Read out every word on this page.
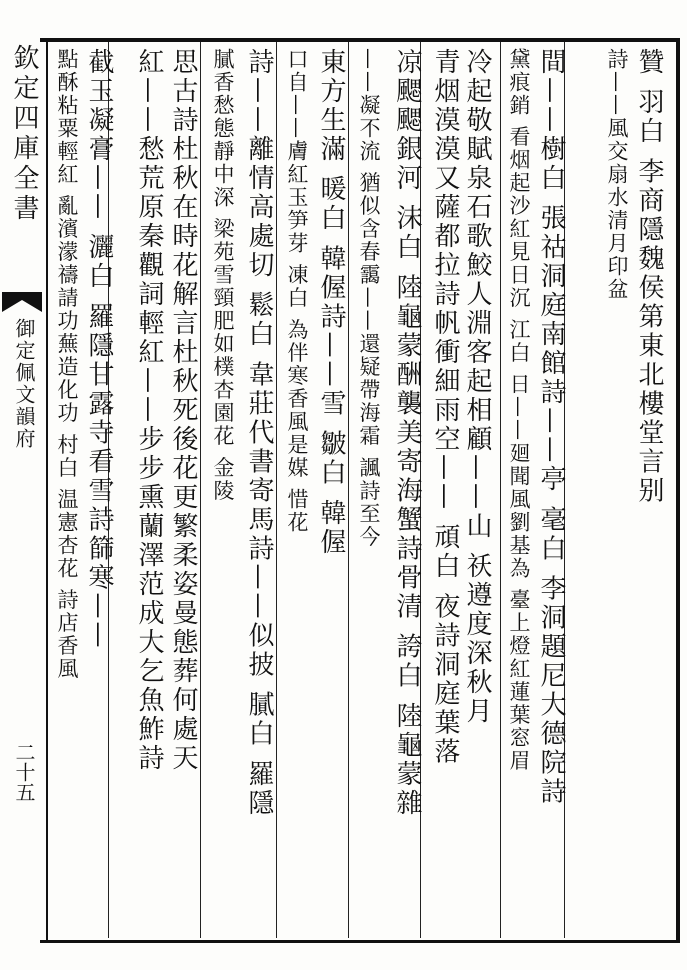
欽定四庫全書
御定佩文韻府
二十五
贊 羽白 李商隱魏侯第東北樓堂言别
詩——風交扇水清月印盆
間——樹白 張祜洞庭南館詩——亭 毫白 李洞題尼大德院詩
黛痕銷 看烟起沙紅見日沉 江白 日——廻聞風劉基為 臺上燈紅蓮葉窓眉
冷起敬賦泉石歌鮫人淵客起相顧——山 祅遵度深秋月
青烟漠漠又薩都拉詩帆衝細雨空—— 頑白 夜詩洞庭葉落
凉颸颸銀河 沫白 陸龜蒙酬襲美寄海蟹詩骨清 誇白 陸龜蒙雜
——凝不流 猶似含春靄——還疑帶海霜 諷詩至今
東方生滿 暖白 韓偓詩——雪 皺白 韓偓
口自——膚紅玉笋芽 凍白 為伴寒香風是媒 惜花
詩——離情高處切 鬆白 韋莊代書寄馬詩——似披 膩白 羅隱
膩香愁態靜中深 梁苑雪頸肥如樸杏園花 金陵
思古詩杜秋在時花解言杜秋死後花更繁柔姿曼態葬何處天
紅——愁荒原秦觀詞輕紅——步步熏蘭澤范成大乞魚鮓詩
截玉凝膏—— 灑白 羅隱甘露寺看雪詩篩寒——
點酥粘粟輕紅 亂濱濛禱請功蕪造化功 村白 温憲杏花 詩店香風
